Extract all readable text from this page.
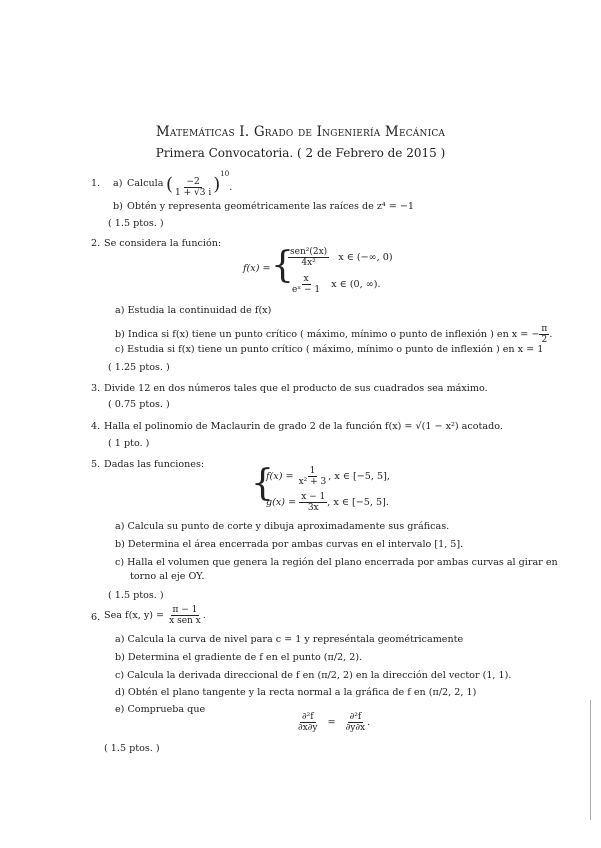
Matemáticas I. Grado de Ingeniería Mecánica
Primera Convocatoria. ( 2 de Febrero de 2015 )
1. a) Calcula ( $\frac{-2}{1 + √3 i} )^{10}$.
b) Obtén y representa geométricamente las raíces de z⁴ = −1
( 1.5 ptos. )
2. Se considera la función:
f(x) = {
$\frac{\text{sen²(2x)}}{\text{4x²}}$ x ∈ (−∞, 0)
$\frac{x}{\text{eˣ − 1}}$ x ∈ (0, ∞).
a) Estudia la continuidad de f(x)
b) Indica si f(x) tiene un punto crítico ( máximo, mínimo o punto de inflexión ) en x = − $\frac{\pi}{2}$ .
c) Estudia si f(x) tiene un punto crítico ( máximo, mínimo o punto de inflexión ) en x = 1
( 1.25 ptos. )
3. Divide 12 en dos números tales que el producto de sus cuadrados sea máximo.
( 0.75 ptos. )
4. Halla el polinomio de Maclaurin de grado 2 de la función f(x) = √(1 − x²) acotado.
( 1 pto. )
5. Dadas las funciones: {
$f(x) = \frac{1}{\text{x² + 3}}$ , x ∈ [−5, 5],
$g(x) = \frac{x - 1}{3x}$ , x ∈ [−5, 5].
a) Calcula su punto de corte y dibuja aproximadamente sus gráficas.
b) Determina el área encerrada por ambas curvas en el intervalo [1, 5].
c) Halla el volumen que genera la región del plano encerrada por ambas curvas al girar en
torno al eje OY.
( 1.5 ptos. )
6. Sea f(x, $y) = \frac{\pi - 1}{\text{x sen x}}$ .
a) Calcula la curva de nivel para c = 1 y represéntala geométricamente
b) Determina el gradiente de f en el punto (π/2, 2).
c) Calcula la derivada direccional de f en (π/2, 2) en la dirección del vector (1, 1).
d) Obtén el plano tangente y la recta normal a la gráfica de f en (π/2, 2, 1)
e) Comprueba que
$\frac{\text{∂²f}}{\partial x\partial y} = \frac{\text{∂²f}}{\partial y\partial x}$ .
( 1.5 ptos. )
